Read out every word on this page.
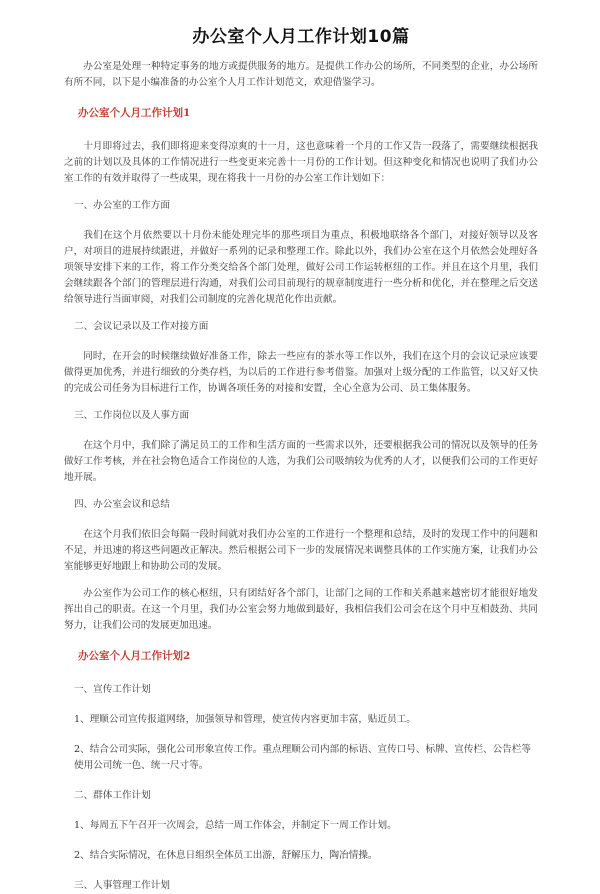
办公室个人月工作计划10篇

办公室是处理一种特定事务的地方或提供服务的地方。是提供工作办公的场所，不同类型的企业，办公场所有所不同，以下是小编准备的办公室个人月工作计划范文，欢迎借鉴学习。

办公室个人月工作计划1

十月即将过去，我们即将迎来变得凉爽的十一月，这也意味着一个月的工作又告一段落了，需要继续根据我之前的计划以及具体的工作情况进行一些变更来完善十一月份的工作计划。但这种变化和情况也说明了我们办公室工作的有效并取得了一些成果，现在将我十一月份的办公室工作计划如下：

一、办公室的工作方面

我们在这个月依然要以十月份未能处理完毕的那些项目为重点，积极地联络各个部门，对接好领导以及客户，对项目的进展持续跟进，并做好一系列的记录和整理工作。除此以外，我们办公室在这个月依然会处理好各项领导安排下来的工作，将工作分类交给各个部门处理，做好公司工作运转枢纽的工作。并且在这个月里，我们会继续跟各个部门的管理层进行沟通，对我们公司目前现行的规章制度进行一些分析和优化，并在整理之后交送给领导进行当面审阅，对我们公司制度的完善化规范化作出贡献。

二、会议记录以及工作对接方面

同时，在开会的时候继续做好准备工作，除去一些应有的茶水等工作以外，我们在这个月的会议记录应该要做得更加优秀，并进行细致的分类存档，为以后的工作进行参考借鉴。加强对上级分配的工作监管，以又好又快的完成公司任务为目标进行工作，协调各项任务的对接和安置，全心全意为公司、员工集体服务。

三、工作岗位以及人事方面

在这个月中，我们除了满足员工的工作和生活方面的一些需求以外，还要根据我公司的情况以及领导的任务做好工作考核，并在社会物色适合工作岗位的人选，为我们公司吸纳较为优秀的人才，以便我们公司的工作更好地开展。

四、办公室会议和总结

在这个月我们依旧会每隔一段时间就对我们办公室的工作进行一个整理和总结，及时的发现工作中的问题和不足，并迅速的将这些问题改正解决。然后根据公司下一步的发展情况来调整具体的工作实施方案，让我们办公室能够更好地跟上和协助公司的发展。

办公室作为公司工作的核心枢纽，只有团结好各个部门，让部门之间的工作和关系越来越密切才能很好地发挥出自己的职责。在这一个月里，我们办公室会努力地做到最好，我相信我们公司会在这个月中互相鼓劲、共同努力，让我们公司的发展更加迅速。

办公室个人月工作计划2
一、宣传工作计划

1、理顺公司宣传报道网络，加强领导和管理，使宣传内容更加丰富，贴近员工。

2、结合公司实际，强化公司形象宣传工作。重点理顺公司内部的标语、宣传口号、标牌、宣传栏、公告栏等使用公司统一色、统一尺寸等。

二、群体工作计划

1、每周五下午召开一次周会，总结一周工作体会，并制定下一周工作计划。

2、结合实际情况，在休息日组织全体员工出游，舒解压力，陶冶情操。

三、人事管理工作计划
